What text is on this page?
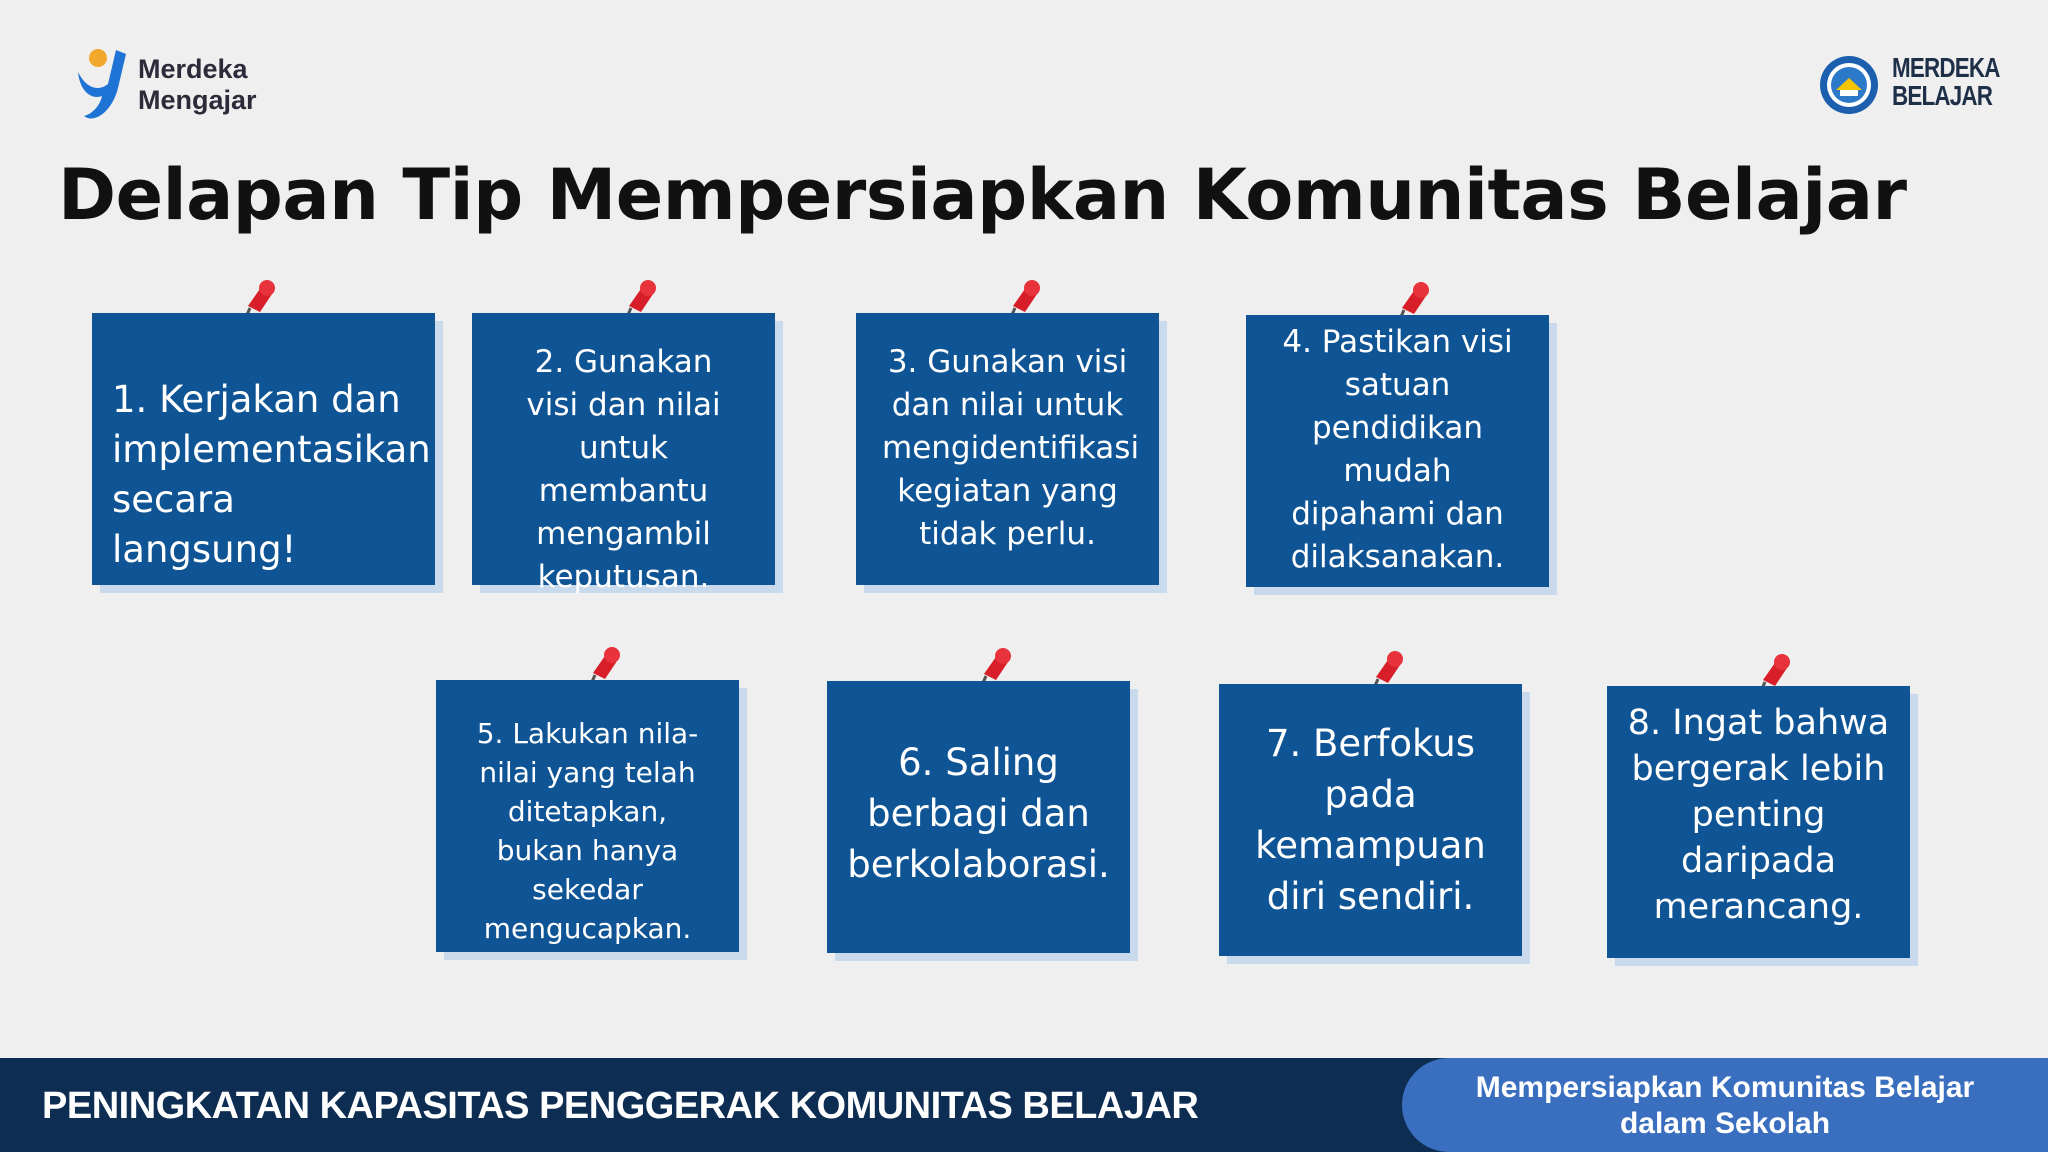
Merdeka
Mengajar
MERDEKA
BELAJAR
Delapan Tip Mempersiapkan Komunitas Belajar
1. Kerjakan dan implementasikan secara langsung!
2. Gunakan visi dan nilai untuk membantu mengambil keputusan.
3. Gunakan visi dan nilai untuk mengidentifikasi kegiatan yang tidak perlu.
4. Pastikan visi satuan pendidikan mudah dipahami dan dilaksanakan.
5. Lakukan nila-nilai yang telah ditetapkan, bukan hanya sekedar mengucapkan.
6. Saling berbagi dan berkolaborasi.
7. Berfokus pada kemampuan diri sendiri.
8. Ingat bahwa bergerak lebih penting daripada merancang.
PENINGKATAN KAPASITAS PENGGERAK KOMUNITAS BELAJAR	Mempersiapkan Komunitas Belajar
dalam Sekolah
